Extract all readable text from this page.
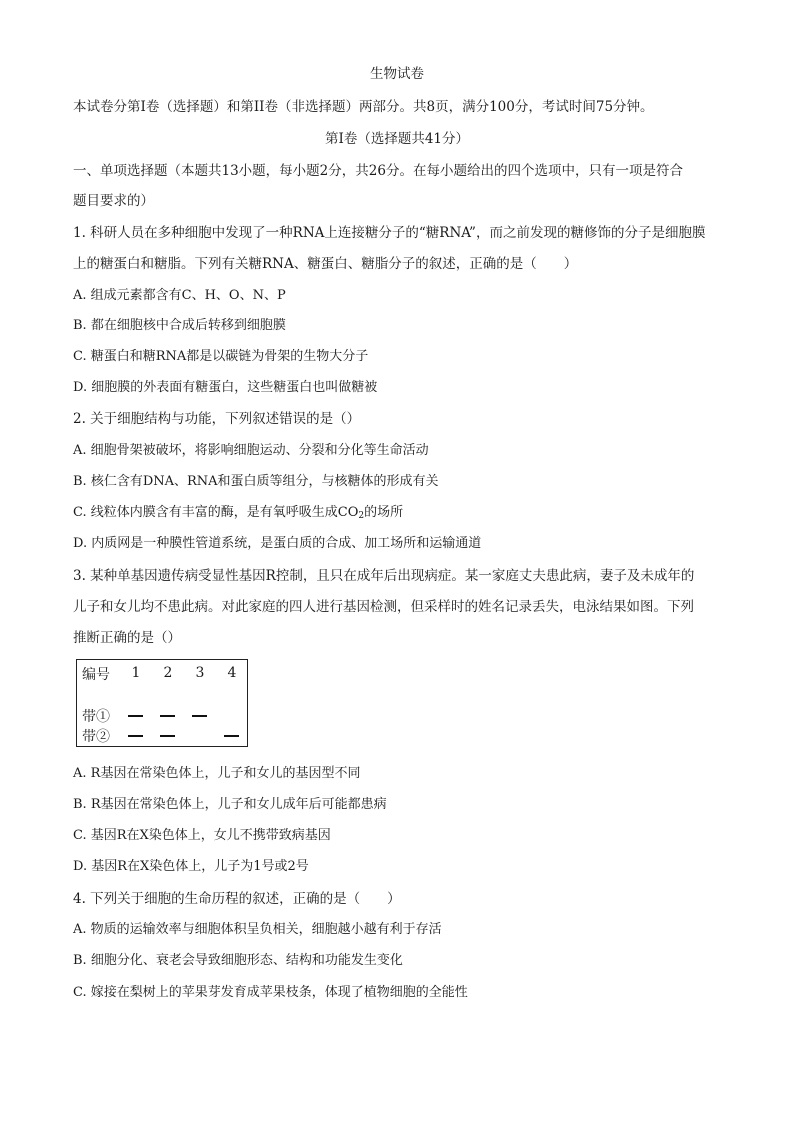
生物试卷
本试卷分第I卷（选择题）和第II卷（非选择题）两部分。共8页，满分100分，考试时间75分钟。
第I卷（选择题共41分）
一、单项选择题（本题共13小题，每小题2分，共26分。在每小题给出的四个选项中，只有一项是符合
题目要求的）
1. 科研人员在多种细胞中发现了一种RNA上连接糖分子的“糖RNA”，而之前发现的糖修饰的分子是细胞膜
上的糖蛋白和糖脂。下列有关糖RNA、糖蛋白、糖脂分子的叙述，正确的是（　　）
A. 组成元素都含有C、H、O、N、P
B. 都在细胞核中合成后转移到细胞膜
C. 糖蛋白和糖RNA都是以碳链为骨架的生物大分子
D. 细胞膜的外表面有糖蛋白，这些糖蛋白也叫做糖被
2. 关于细胞结构与功能，下列叙述错误的是（）
A. 细胞骨架被破坏，将影响细胞运动、分裂和分化等生命活动
B. 核仁含有DNA、RNA和蛋白质等组分，与核糖体的形成有关
C. 线粒体内膜含有丰富的酶，是有氧呼吸生成$CO_2$的场所
D. 内质网是一种膜性管道系统，是蛋白质的合成、加工场所和运输通道
3. 某种单基因遗传病受显性基因R控制，且只在成年后出现病症。某一家庭丈夫患此病，妻子及未成年的
儿子和女儿均不患此病。对此家庭的四人进行基因检测，但采样时的姓名记录丢失，电泳结果如图。下列
推断正确的是（）
编号 1 2 3 4
带①
带②
A. R基因在常染色体上，儿子和女儿的基因型不同
B. R基因在常染色体上，儿子和女儿成年后可能都患病
C. 基因R在X染色体上，女儿不携带致病基因
D. 基因R在X染色体上，儿子为1号或2号
4. 下列关于细胞的生命历程的叙述，正确的是（　　）
A. 物质的运输效率与细胞体积呈负相关，细胞越小越有利于存活
B. 细胞分化、衰老会导致细胞形态、结构和功能发生变化
C. 嫁接在梨树上的苹果芽发育成苹果枝条，体现了植物细胞的全能性
